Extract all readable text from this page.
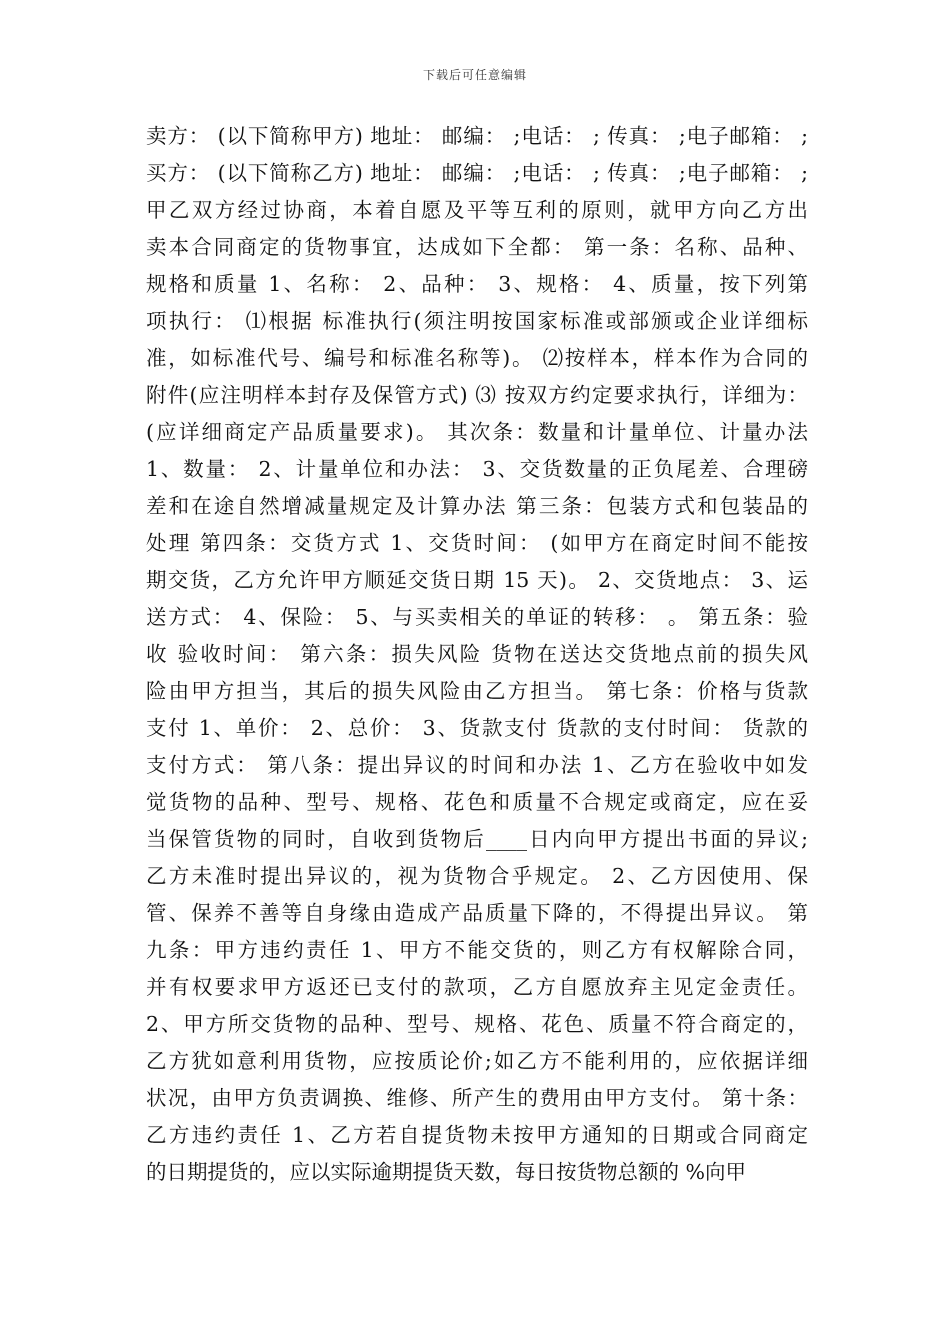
下载后可任意编辑
卖方： (以下简称甲方) 地址： 邮编： ;电话： ; 传真： ;电子邮箱： ;
买方： (以下简称乙方) 地址： 邮编： ;电话： ; 传真： ;电子邮箱： ;
甲乙双方经过协商，本着自愿及平等互利的原则，就甲方向乙方出
卖本合同商定的货物事宜，达成如下全都： 第一条：名称、品种、
规格和质量 1、名称： 2、品种： 3、规格： 4、质量，按下列第
项执行： ⑴根据 标准执行(须注明按国家标准或部颁或企业详细标
准，如标准代号、编号和标准名称等)。 ⑵按样本，样本作为合同的
附件(应注明样本封存及保管方式) ⑶ 按双方约定要求执行，详细为：
(应详细商定产品质量要求)。 其次条：数量和计量单位、计量办法
1、数量： 2、计量单位和办法： 3、交货数量的正负尾差、合理磅
差和在途自然增减量规定及计算办法 第三条：包装方式和包装品的
处理 第四条：交货方式 1、交货时间： (如甲方在商定时间不能按
期交货，乙方允许甲方顺延交货日期 15 天)。 2、交货地点： 3、运
送方式： 4、保险： 5、与买卖相关的单证的转移： 。 第五条：验
收 验收时间： 第六条：损失风险 货物在送达交货地点前的损失风
险由甲方担当，其后的损失风险由乙方担当。 第七条：价格与货款
支付 1、单价： 2、总价： 3、货款支付 货款的支付时间： 货款的
支付方式： 第八条：提出异议的时间和办法 1、乙方在验收中如发
觉货物的品种、型号、规格、花色和质量不合规定或商定，应在妥
当保管货物的同时，自收到货物后____日内向甲方提出书面的异议;
乙方未准时提出异议的，视为货物合乎规定。 2、乙方因使用、保
管、保养不善等自身缘由造成产品质量下降的，不得提出异议。 第
九条：甲方违约责任 1、甲方不能交货的，则乙方有权解除合同，
并有权要求甲方返还已支付的款项，乙方自愿放弃主见定金责任。
2、甲方所交货物的品种、型号、规格、花色、质量不符合商定的，
乙方犹如意利用货物，应按质论价;如乙方不能利用的，应依据详细
状况，由甲方负责调换、维修、所产生的费用由甲方支付。 第十条：
乙方违约责任 1、乙方若自提货物未按甲方通知的日期或合同商定
的日期提货的，应以实际逾期提货天数，每日按货物总额的 %向甲
